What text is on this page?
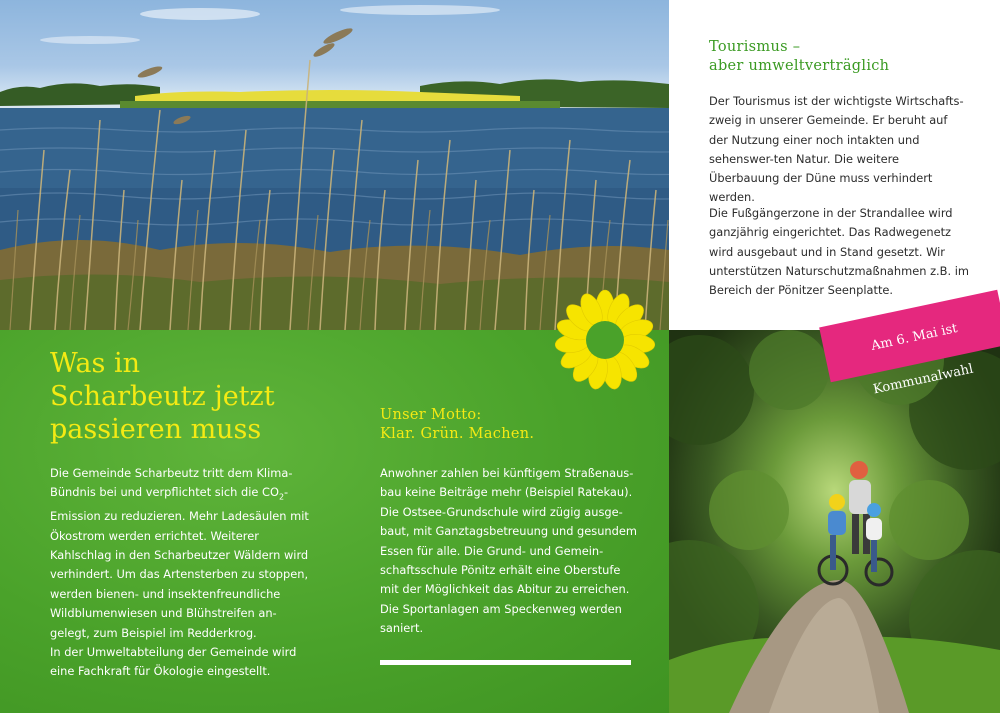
Tourismus –
aber umweltverträglich

Der Tourismus ist der wichtigste Wirtschafts-zweig in unserer Gemeinde. Er beruht auf der Nutzung einer noch intakten und sehenswer-ten Natur. Die weitere Überbauung der Düne muss verhindert werden.

Die Fußgängerzone in der Strandallee wird ganzjährig eingerichtet. Das Radwegenetz wird ausgebaut und in Stand gesetzt. Wir unterstützen Naturschutzmaßnahmen z.B. im Bereich der Pönitzer Seenplatte.

Was in
Scharbeutz jetzt
passieren muss

Die Gemeinde Scharbeutz tritt dem Klima-Bündnis bei und verpflichtet sich die $CO_2$-Emission zu reduzieren. Mehr Ladesäulen mit Ökostrom werden errichtet. Weiterer Kahlschlag in den Scharbeutzer Wäldern wird verhindert. Um das Artensterben zu stoppen, werden bienen- und insektenfreundliche Wildblumenwiesen und Blühstreifen an-gelegt, zum Beispiel im Redderkrog.
In der Umweltabteilung der Gemeinde wird eine Fachkraft für Ökologie eingestellt.

Unser Motto:
Klar. Grün. Machen.

Anwohner zahlen bei künftigem Straßenaus-bau keine Beiträge mehr (Beispiel Ratekau). Die Ostsee-Grundschule wird zügig ausge-baut, mit Ganztagsbetreuung und gesundem Essen für alle. Die Grund- und Gemein-schaftsschule Pönitz erhält eine Oberstufe mit der Möglichkeit das Abitur zu erreichen. Die Sportanlagen am Speckenweg werden saniert.

Am 6. Mai ist

Kommunalwahl
